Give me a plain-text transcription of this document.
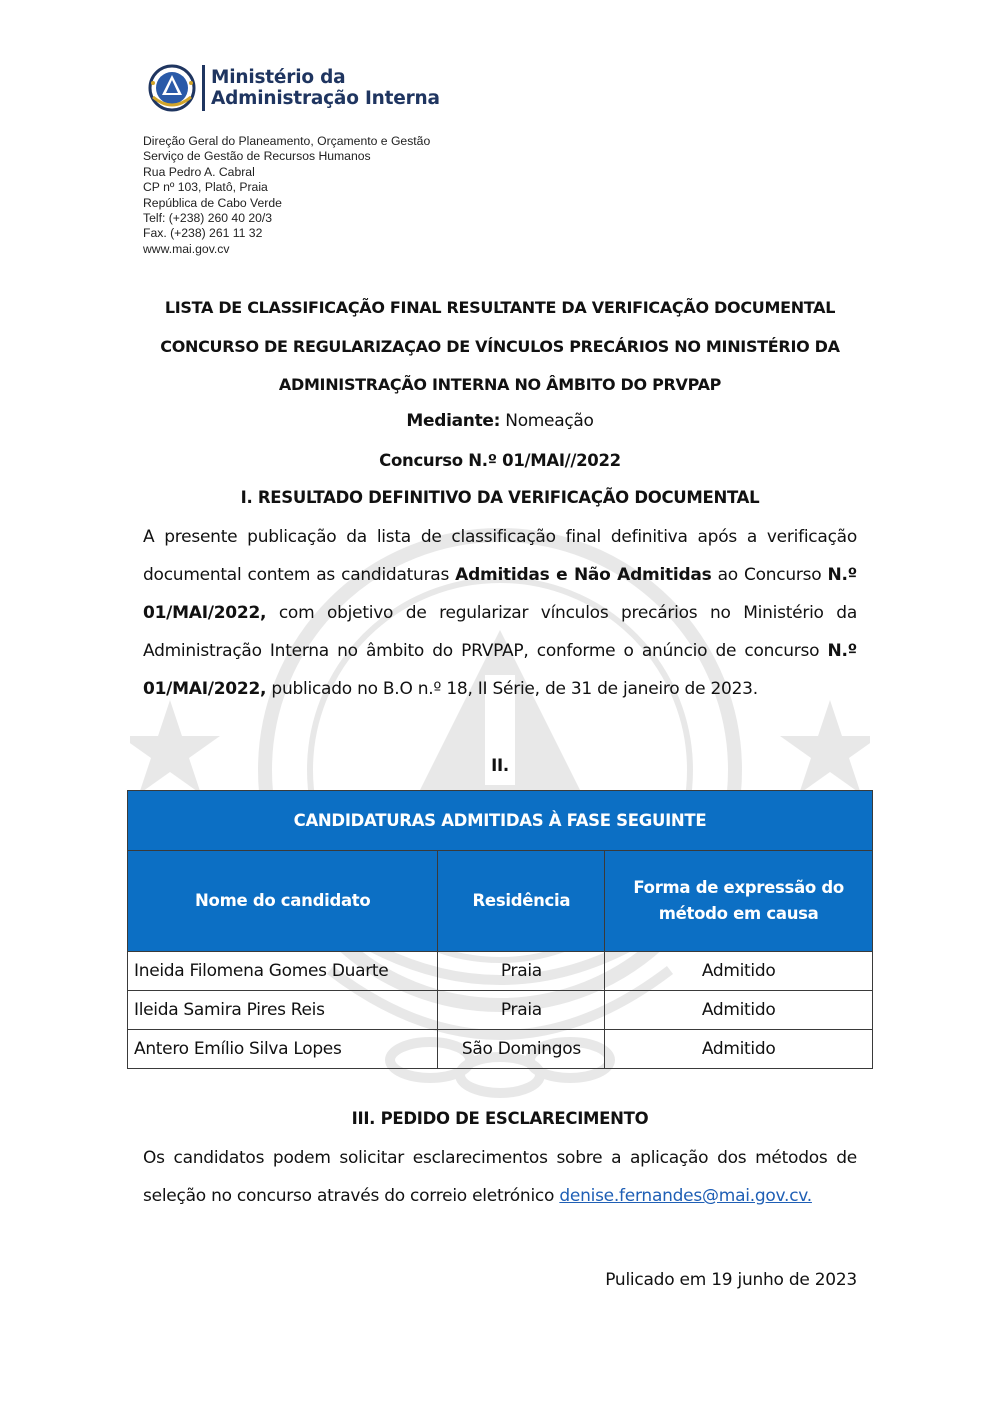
Ministério da
Administração Interna
Direção Geral do Planeamento, Orçamento e Gestão
Serviço de Gestão de Recursos Humanos
Rua Pedro A. Cabral
CP nº 103, Platô, Praia
República de Cabo Verde
Telf: (+238) 260 40 20/3
Fax. (+238) 261 11 32
www.mai.gov.cv
LISTA DE CLASSIFICAÇÃO FINAL RESULTANTE DA VERIFICAÇÃO DOCUMENTAL
CONCURSO DE REGULARIZAÇAO DE VÍNCULOS PRECÁRIOS NO MINISTÉRIO DA
ADMINISTRAÇÃO INTERNA NO ÂMBITO DO PRVPAP
Mediante: Nomeação
Concurso N.º 01/MAI//2022
I. RESULTADO DEFINITIVO DA VERIFICAÇÃO DOCUMENTAL
A presente publicação da lista de classificação final definitiva após a verificação
documental contem as candidaturas Admitidas e Não Admitidas ao Concurso N.º
01/MAI/2022, com objetivo de regularizar vínculos precários no Ministério da
Administração Interna no âmbito do PRVPAP, conforme o anúncio de concurso N.º
01/MAI/2022, publicado no B.O n.º 18, II Série, de 31 de janeiro de 2023.
II.
CANDIDATURAS ADMITIDAS À FASE SEGUINTE		
Nome do candidato	Residência	Forma de expressão do método em causa
Ineida Filomena Gomes Duarte	Praia	Admitido
Ileida Samira Pires Reis	Praia	Admitido
Antero Emílio Silva Lopes	São Domingos	Admitido
III. PEDIDO DE ESCLARECIMENTO
Os candidatos podem solicitar esclarecimentos sobre a aplicação dos métodos de
seleção no concurso através do correio eletrónico denise.fernandes@mai.gov.cv.
Pulicado em 19 junho de 2023
